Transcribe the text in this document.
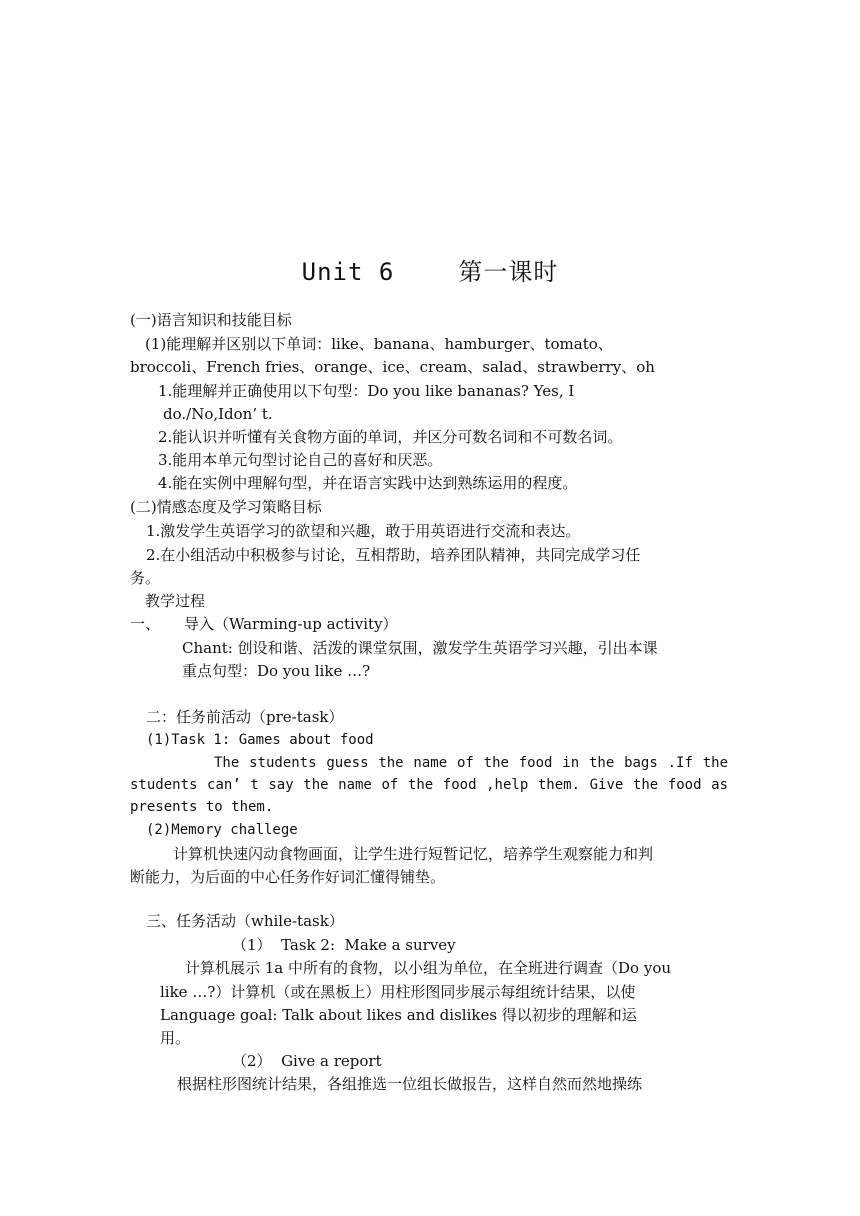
Unit 6	第一课时
(一)语言知识和技能目标
(1)能理解并区别以下单词：like、banana、hamburger、tomato、
broccoli、French fries、orange、ice、cream、salad、strawberry、oh
1.能理解并正确使用以下句型：Do you like bananas? Yes, I
do./No,Idon’ t.
2.能认识并听懂有关食物方面的单词，并区分可数名词和不可数名词。
3.能用本单元句型讨论自己的喜好和厌恶。
4.能在实例中理解句型，并在语言实践中达到熟练运用的程度。
(二)情感态度及学习策略目标
1.激发学生英语学习的欲望和兴趣，敢于用英语进行交流和表达。
2.在小组活动中积极参与讨论，互相帮助，培养团队精神，共同完成学习任
务。
教学过程
一、 导入（Warming-up activity）
Chant: 创设和谐、活泼的课堂氛围，激发学生英语学习兴趣，引出本课
重点句型：Do you like …?
二：任务前活动（pre-task）
(1)Task 1: Games about food
The students guess the name of the food in the bags .If the
students can’ t say the name of the food ,help them. Give the food as
presents to them.
(2)Memory challege
计算机快速闪动食物画面，让学生进行短暂记忆，培养学生观察能力和判
断能力，为后面的中心任务作好词汇懂得铺垫。
三、任务活动（while-task）
（1）  Task 2:  Make a survey
计算机展示 1a 中所有的食物，以小组为单位，在全班进行调查（Do you
like …?）计算机（或在黑板上）用柱形图同步展示每组统计结果，以使
Language goal: Talk about likes and dislikes 得以初步的理解和运
用。
（2）  Give a report
根据柱形图统计结果，各组推选一位组长做报告，这样自然而然地操练
